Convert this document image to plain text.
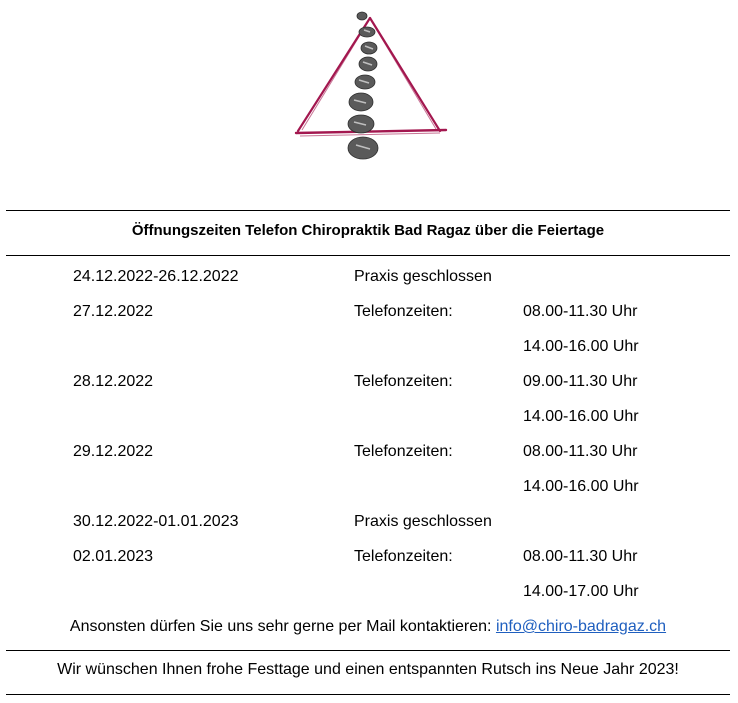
Öffnungszeiten Telefon Chiropraktik Bad Ragaz über die Feiertage
24.12.2022-26.12.2022	Praxis geschlossen
27.12.2022	Telefonzeiten:	08.00-11.30 Uhr
14.00-16.00 Uhr
28.12.2022	Telefonzeiten:	09.00-11.30 Uhr
14.00-16.00 Uhr
29.12.2022	Telefonzeiten:	08.00-11.30 Uhr
14.00-16.00 Uhr
30.12.2022-01.01.2023	Praxis geschlossen
02.01.2023	Telefonzeiten:	08.00-11.30 Uhr
14.00-17.00 Uhr
Ansonsten dürfen Sie uns sehr gerne per Mail kontaktieren: info@chiro-badragaz.ch
Wir wünschen Ihnen frohe Festtage und einen entspannten Rutsch ins Neue Jahr 2023!
